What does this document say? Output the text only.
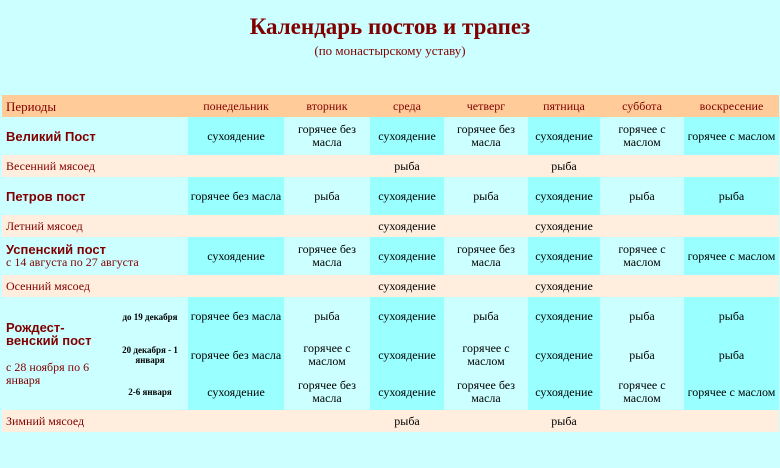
Календарь постов и трапез
(по монастырскому уставу)
Периоды		понедельник	вторник	среда	четверг	пятница	суббота	воскресение
Великий Пост		сухоядение	горячее без масла	сухоядение	горячее без масла	сухоядение	горячее с маслом	горячее с маслом
Весенний мясоед				рыба		рыба		
Петров пост		горячее без масла	рыба	сухоядение	рыба	сухоядение	рыба	рыба
Летний мясоед				сухоядение		сухоядение		
Успенский пост
с 14 августа по 27 августа		сухоядение	горячее без масла	сухоядение	горячее без масла	сухоядение	горячее с маслом	горячее с маслом
Осенний мясоед				сухоядение		сухоядение		
Рождест-венский пост
с 28 ноября по 6 января	до 19 декабря	горячее без масла	рыба	сухоядение	рыба	сухоядение	рыба	рыба
	20 декабря - 1 января	горячее без масла	горячее с маслом	сухоядение	горячее с маслом	сухоядение	рыба	рыба
	2-6 января	сухоядение	горячее без масла	сухоядение	горячее без масла	сухоядение	горячее с маслом	горячее с маслом
Зимний мясоед				рыба		рыба		
